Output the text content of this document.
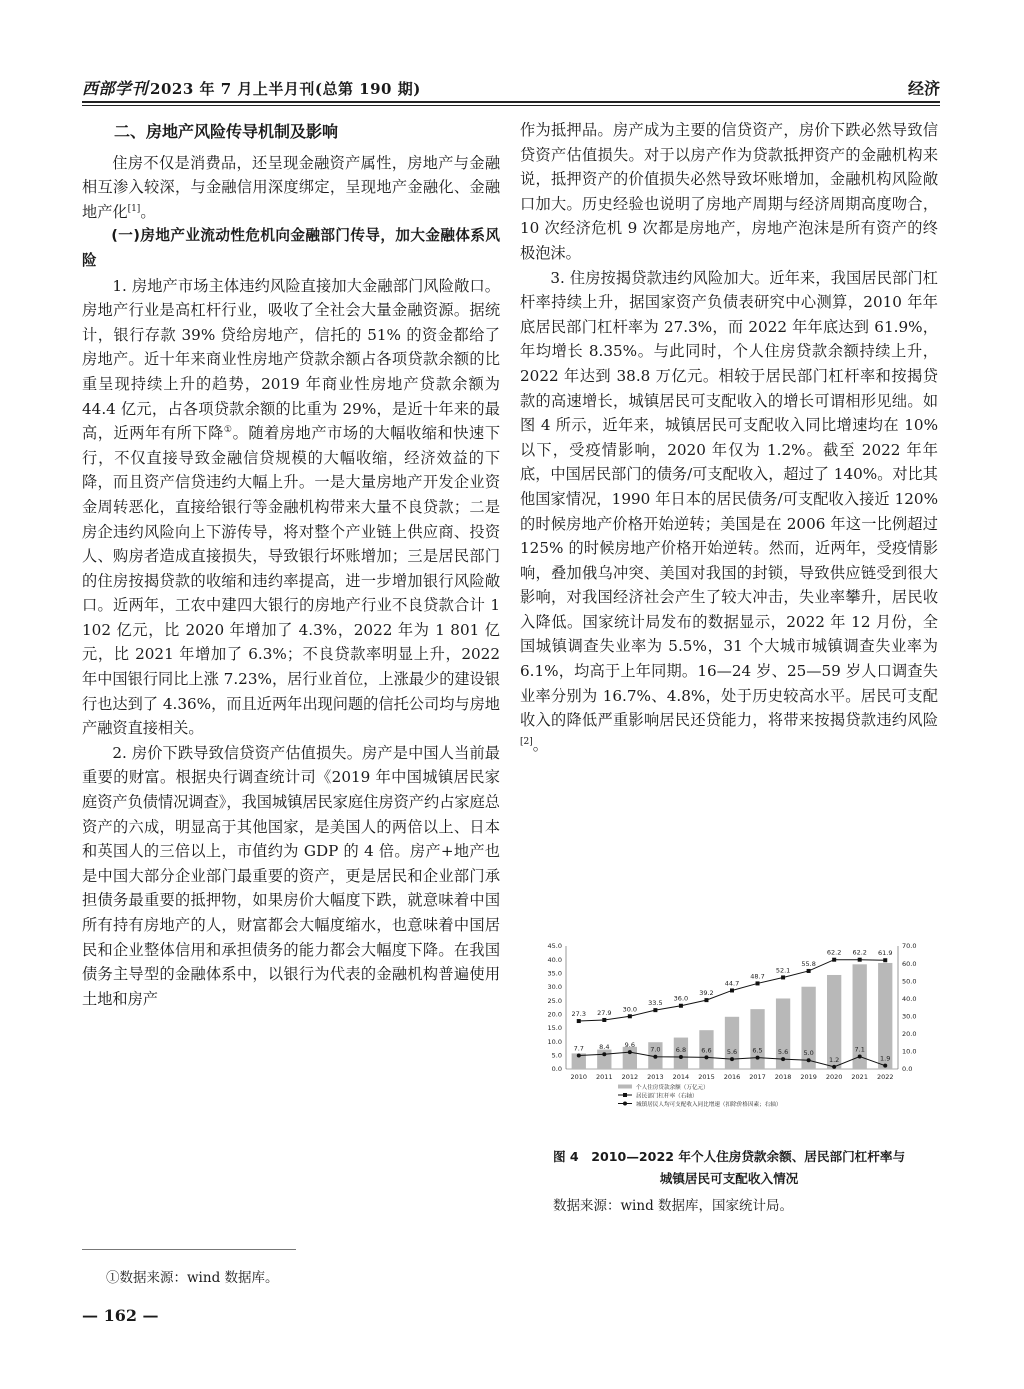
西部学刊 2023 年 7 月上半月刊(总第 190 期)	经济
二、房地产风险传导机制及影响

住房不仅是消费品，还呈现金融资产属性，房地产与金融相互渗入较深，与金融信用深度绑定，呈现地产金融化、金融地产化[1]。

(一)房地产业流动性危机向金融部门传导，加大金融体系风险

1. 房地产市场主体违约风险直接加大金融部门风险敞口。房地产行业是高杠杆行业，吸收了全社会大量金融资源。据统计，银行存款 39% 贷给房地产，信托的 51% 的资金都给了房地产。近十年来商业性房地产贷款余额占各项贷款余额的比重呈现持续上升的趋势，2019 年商业性房地产贷款余额为 44.4 亿元，占各项贷款余额的比重为 29%，是近十年来的最高，近两年有所下降①。随着房地产市场的大幅收缩和快速下行，不仅直接导致金融信贷规模的大幅收缩，经济效益的下降，而且资产信贷违约大幅上升。一是大量房地产开发企业资金周转恶化，直接给银行等金融机构带来大量不良贷款；二是房企违约风险向上下游传导，将对整个产业链上供应商、投资人、购房者造成直接损失，导致银行坏账增加；三是居民部门的住房按揭贷款的收缩和违约率提高，进一步增加银行风险敞口。近两年，工农中建四大银行的房地产行业不良贷款合计 1 102 亿元，比 2020 年增加了 4.3%，2022 年为 1 801 亿元，比 2021 年增加了 6.3%；不良贷款率明显上升，2022 年中国银行同比上涨 7.23%，居行业首位，上涨最少的建设银行也达到了 4.36%，而且近两年出现问题的信托公司均与房地产融资直接相关。

2. 房价下跌导致信贷资产估值损失。房产是中国人当前最重要的财富。根据央行调查统计司《2019 年中国城镇居民家庭资产负债情况调查》，我国城镇居民家庭住房资产约占家庭总资产的六成，明显高于其他国家，是美国人的两倍以上、日本和英国人的三倍以上，市值约为 GDP 的 4 倍。房产+地产也是中国大部分企业部门最重要的资产，更是居民和企业部门承担债务最重要的抵押物，如果房价大幅度下跌，就意味着中国所有持有房地产的人，财富都会大幅度缩水，也意味着中国居民和企业整体信用和承担债务的能力都会大幅度下降。在我国债务主导型的金融体系中，以银行为代表的金融机构普遍使用土地和房产

作为抵押品。房产成为主要的信贷资产，房价下跌必然导致信贷资产估值损失。对于以房产作为贷款抵押资产的金融机构来说，抵押资产的价值损失必然导致坏账增加，金融机构风险敞口加大。历史经验也说明了房地产周期与经济周期高度吻合，10 次经济危机 9 次都是房地产，房地产泡沫是所有资产的终极泡沫。

3. 住房按揭贷款违约风险加大。近年来，我国居民部门杠杆率持续上升，据国家资产负债表研究中心测算，2010 年年底居民部门杠杆率为 27.3%，而 2022 年年底达到 61.9%，年均增长 8.35%。与此同时，个人住房贷款余额持续上升，2022 年达到 38.8 万亿元。相较于居民部门杠杆率和按揭贷款的高速增长，城镇居民可支配收入的增长可谓相形见绌。如图 4 所示，近年来，城镇居民可支配收入同比增速均在 10% 以下，受疫情影响，2020 年仅为 1.2%。截至 2022 年年底，中国居民部门的债务/可支配收入，超过了 140%。对比其他国家情况，1990 年日本的居民债务/可支配收入接近 120% 的时候房地产价格开始逆转；美国是在 2006 年这一比例超过 125% 的时候房地产价格开始逆转。然而，近两年，受疫情影响，叠加俄乌冲突、美国对我国的封锁，导致供应链受到很大影响，对我国经济社会产生了较大冲击，失业率攀升，居民收入降低。国家统计局发布的数据显示，2022 年 12 月份，全国城镇调查失业率为 5.5%，31 个大城市城镇调查失业率为 6.1%，均高于上年同期。16—24 岁、25—59 岁人口调查失业率分别为 16.7%、4.8%，处于历史较高水平。居民可支配收入的降低严重影响居民还贷能力，将带来按揭贷款违约风险[2]。

0.0
5.0
10.0
15.0
20.0
25.0
30.0
35.0
40.0
45.0
0.0
10.0
20.0
30.0
40.0
50.0
60.0
70.0
2010 2011 2012 2013 2014 2015 2016 2017 2018 2019 2020 2021 2022
27.3 27.9 30.0
33.5
36.0
39.2
44.7
48.7
52.1
55.8
62.2 62.2 61.9
7.7 8.4 9.6
7.0 6.8 6.6 5.6 6.5 5.6 5.0
1.2
7.1
1.9
个人住房贷款余额（万亿元）
居民部门杠杆率（右轴）
城镇居民人均可支配收入同比增速（扣除价格因素；右轴）
图 4　2010—2022 年个人住房贷款余额、居民部门杠杆率与
城镇居民可支配收入情况
数据来源：wind 数据库，国家统计局。
①数据来源：wind 数据库。
— 162 —
